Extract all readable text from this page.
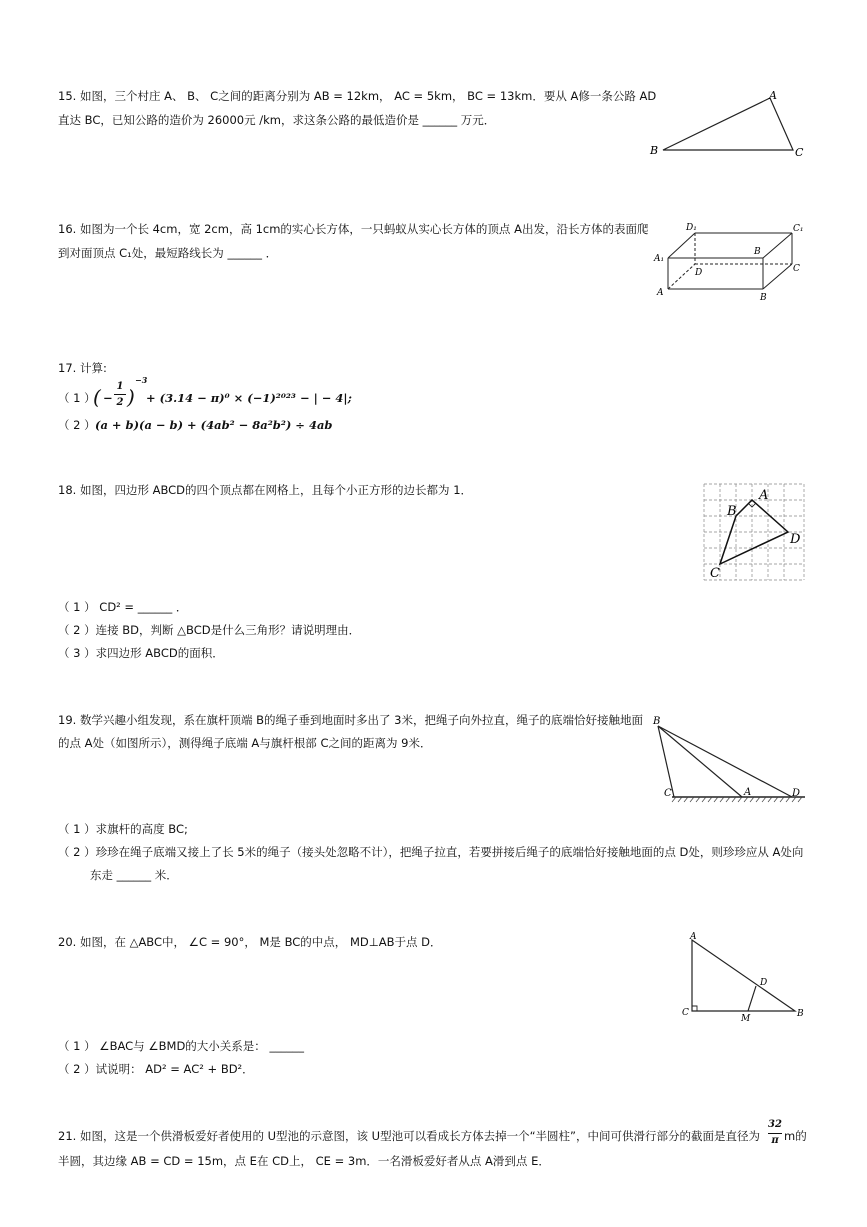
15. 如图，三个村庄 A、 B、 C之间的距离分别为 AB = 12km， AC = 5km， BC = 13km．要从 A修一条公路 AD
直达 BC，已知公路的造价为 26000元 /km，求这条公路的最低造价是 ______ 万元．
A
B	C
16. 如图为一个长 4cm，宽 2cm，高 1cm的实心长方体，一只蚂蚁从实心长方体的顶点 A出发，沿长方体的表面爬
到对面顶点 C₁处，最短路线长为 ______ ．
D₁	C₁
A₁
B
D	C
A	B
17. 计算:
（ 1 ）
( −
1
2 )
−3
+ (3.14 − π)⁰ × (−1)²⁰²³ − | − 4|;
（ 2 ） (a + b)(a − b) + (4ab² − 8a²b²) ÷ 4ab
18. 如图，四边形 ABCD的四个顶点都在网格上，且每个小正方形的边长都为 1．	A
B
C
D
（ 1 ） CD² = ______ ．
（ 2 ）连接 BD，判断 △BCD是什么三角形？请说明理由．
（ 3 ）求四边形 ABCD的面积．
19. 数学兴趣小组发现，系在旗杆顶端 B的绳子垂到地面时多出了 3米，把绳子向外拉直，绳子的底端恰好接触地面
的点 A处（如图所示），测得绳子底端 A与旗杆根部 C之间的距离为 9米．
B
C	A	D
（ 1 ）求旗杆的高度 BC;
（ 2 ）珍珍在绳子底端又接上了长 5米的绳子（接头处忽略不计），把绳子拉直，若要拼接后绳子的底端恰好接触地面的点 D处，则珍珍应从 A处向
东走 ______ 米．
20. 如图，在 △ABC中， ∠C = 90°， M是 BC的中点， MD⊥AB于点 D．	A
C
D
M	B
（ 1 ） ∠BAC与 ∠BMD的大小关系是： ______
（ 2 ）试说明： AD² = AC² + BD²．
21. 如图，这是一个供滑板爱好者使用的 U型池的示意图，该 U型池可以看成长方体去掉一个“半圆柱”，中间可供滑行部分的截面是直径为
32
π m的
半圆，其边缘 AB = CD = 15m，点 E在 CD上， CE = 3m．一名滑板爱好者从点 A滑到点 E．
